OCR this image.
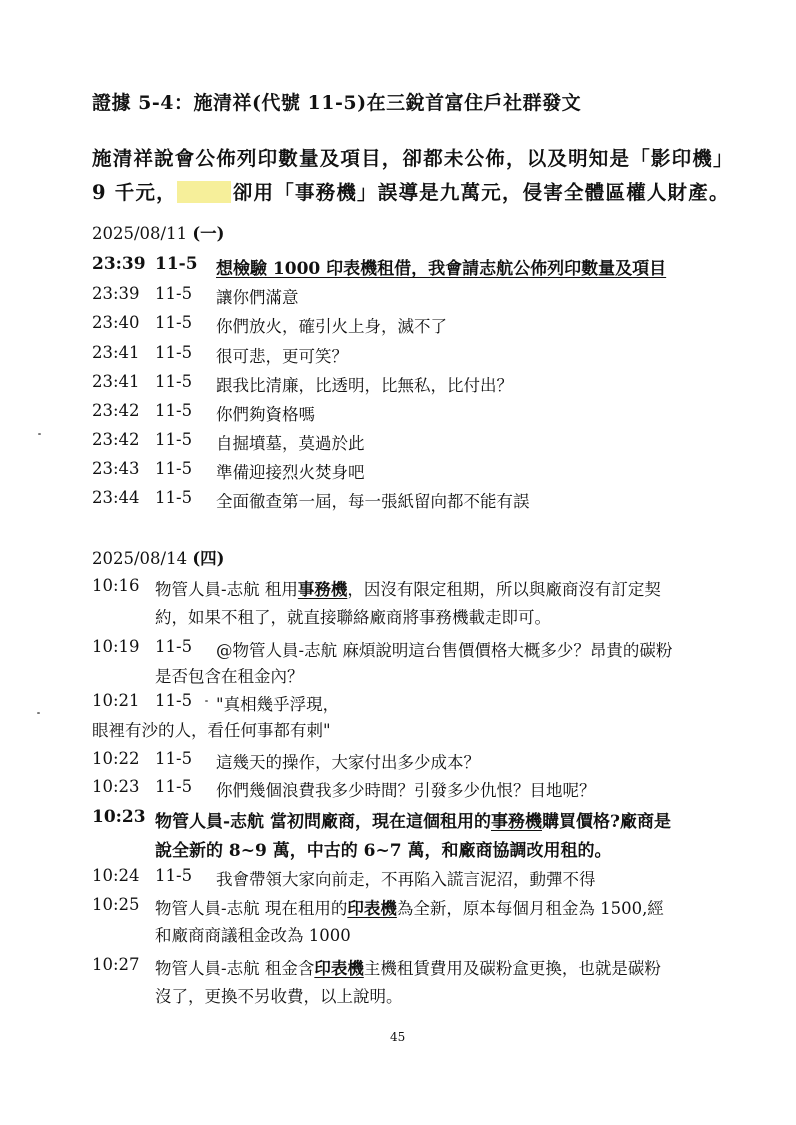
證據 5-4：施清祥(代號 11-5)在三銳首富住戶社群發文
施清祥說會公佈列印數量及項目，卻都未公佈，以及明知是「影印機」
9 千元，	卻用「事務機」誤導是九萬元，侵害全體區權人財產。
2025/08/11 (一)
23:39 11-5 想檢驗 1000 印表機租借，我會請志航公佈列印數量及項目
23:39 11-5 讓你們滿意
23:40 11-5 你們放火，確引火上身，滅不了
23:41 11-5 很可悲，更可笑？
23:41 11-5 跟我比清廉，比透明，比無私，比付出？
23:42 11-5 你們夠資格嗎
23:42 11-5 自掘墳墓，莫過於此
23:43 11-5 準備迎接烈火焚身吧
23:44 11-5 全面徹查第一屆，每一張紙留向都不能有誤
2025/08/14 (四)
10:16 物管人員-志航 租用事務機，因沒有限定租期，所以與廠商沒有訂定契
約，如果不租了，就直接聯絡廠商將事務機載走即可。
10:19 11-5 @物管人員-志航 麻煩說明這台售價價格大概多少？昂貴的碳粉
是否包含在租金內？
10:21 11-5 "真相幾乎浮現，
眼裡有沙的人，看任何事都有刺"
10:22 11-5 這幾天的操作，大家付出多少成本？
10:23 11-5 你們幾個浪費我多少時間？引發多少仇恨？目地呢？
10:23 物管人員-志航 當初問廠商，現在這個租用的事務機購買價格?廠商是
說全新的 8~9 萬，中古的 6~7 萬，和廠商協調改用租的。
10:24 11-5 我會帶領大家向前走，不再陷入謊言泥沼，動彈不得
10:25 物管人員-志航 現在租用的印表機為全新，原本每個月租金為 1500,經
和廠商商議租金改為 1000
10:27 物管人員-志航 租金含印表機主機租賃費用及碳粉盒更換，也就是碳粉
沒了，更換不另收費，以上說明。
45
